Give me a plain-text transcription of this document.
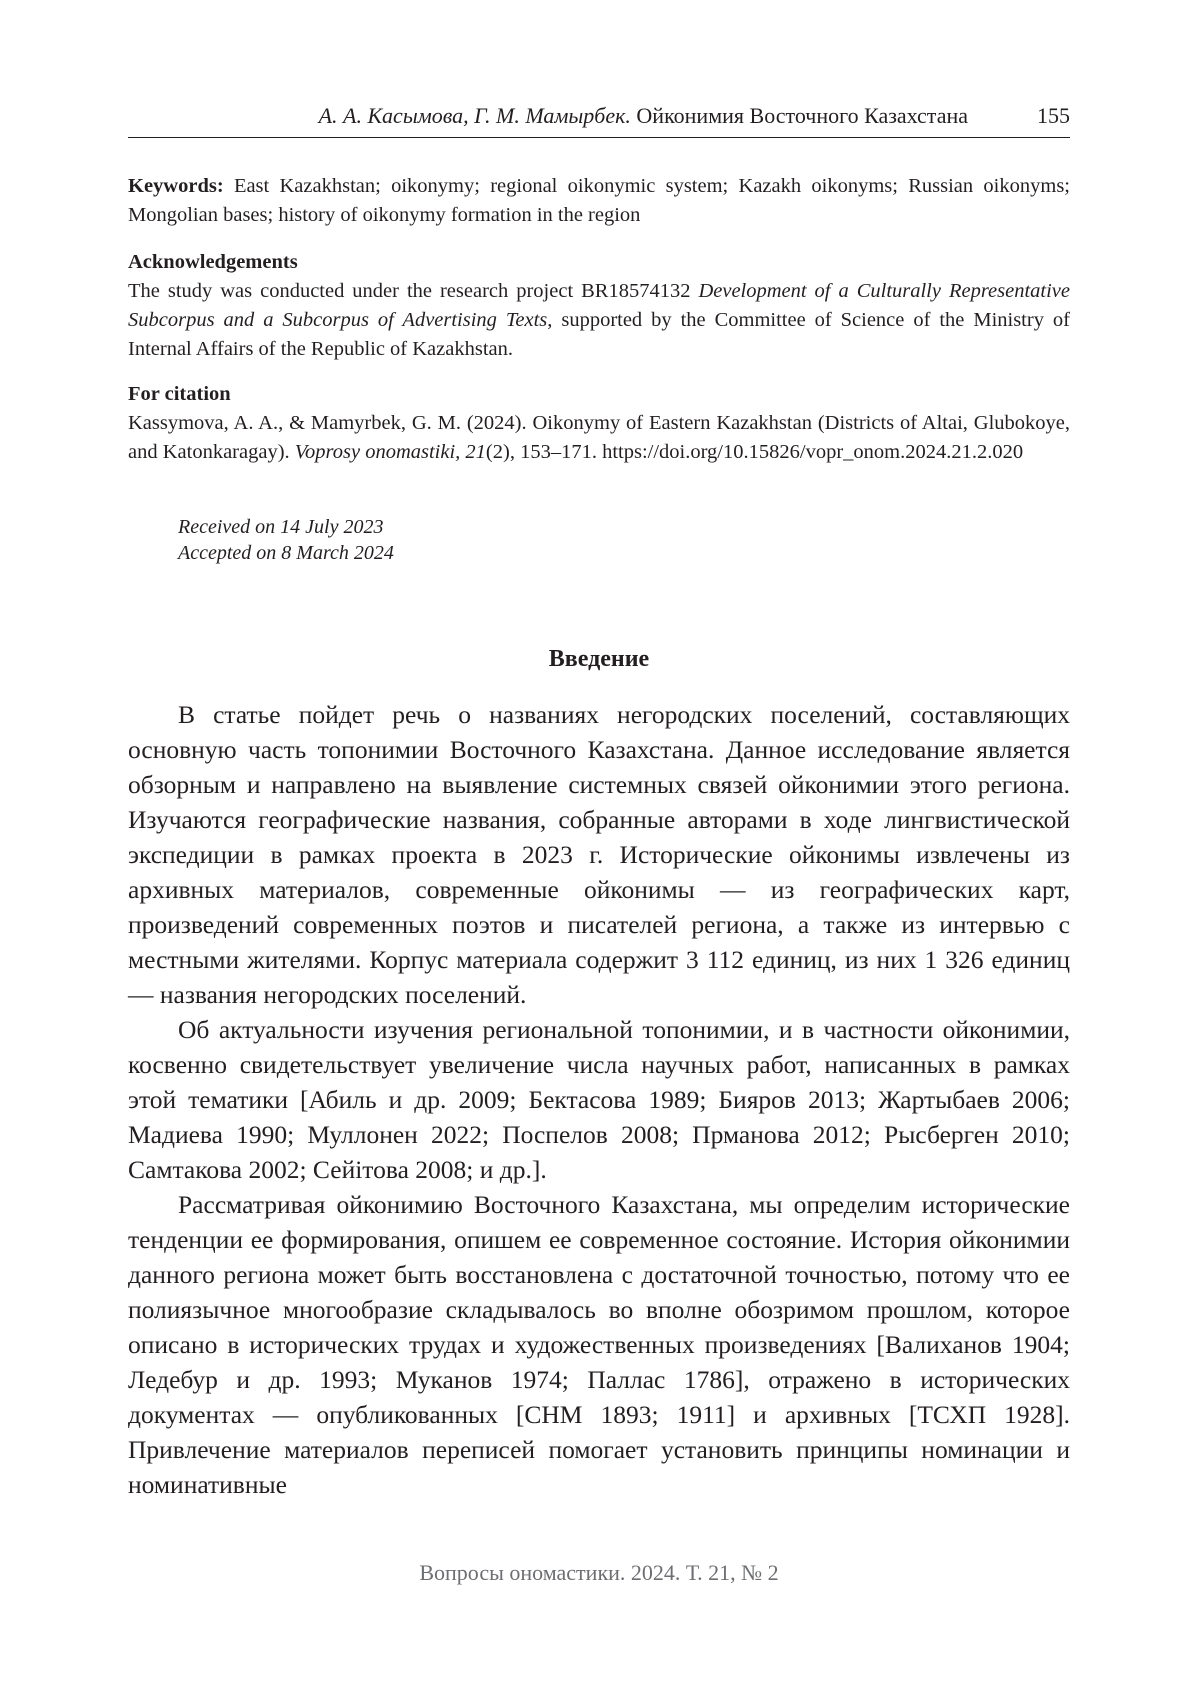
А. А. Касымова, Г. М. Мамырбек. Ойконимия Восточного Казахстана	155
Keywords: East Kazakhstan; oikonymy; regional oikonymic system; Kazakh oikonyms; Russian oikonyms; Mongolian bases; history of oikonymy formation in the region
Acknowledgements
The study was conducted under the research project BR18574132 Development of a Culturally Representative Subcorpus and a Subcorpus of Advertising Texts, supported by the Committee of Science of the Ministry of Internal Affairs of the Republic of Kazakhstan.
For citation
Kassymova, A. A., & Mamyrbek, G. M. (2024). Oikonymy of Eastern Kazakhstan (Districts of Altai, Glubokoye, and Katonkaragay). Voprosy onomastiki, 21(2), 153–171. https://doi.org/10.15826/vopr_onom.2024.21.2.020
Received on 14 July 2023
Accepted on 8 March 2024
Введение

В статье пойдет речь о названиях негородских поселений, составляющих основную часть топонимии Восточного Казахстана. Данное исследование является обзорным и направлено на выявление системных связей ойконимии этого региона. Изучаются географические названия, собранные авторами в ходе лингвистической экспедиции в рамках проекта в 2023 г. Исторические ойконимы извлечены из архивных материалов, современные ойконимы — из географических карт, произведений современных поэтов и писателей региона, а также из интервью с местными жителями. Корпус материала содержит 3 112 единиц, из них 1 326 единиц — названия негородских поселений.

Об актуальности изучения региональной топонимии, и в частности ойконимии, косвенно свидетельствует увеличение числа научных работ, написанных в рамках этой тематики [Абиль и др. 2009; Бектасова 1989; Бияров 2013; Жартыбаев 2006; Мадиева 1990; Муллонен 2022; Поспелов 2008; Прманова 2012; Рысберген 2010; Самтакова 2002; Сейітова 2008; и др.].

Рассматривая ойконимию Восточного Казахстана, мы определим исторические тенденции ее формирования, опишем ее современное состояние. История ойконимии данного региона может быть восстановлена с достаточной точностью, потому что ее полиязычное многообразие складывалось во вполне обозримом прошлом, которое описано в исторических трудах и художественных произведениях [Валиханов 1904; Ледебур и др. 1993; Муканов 1974; Паллас 1786], отражено в исторических документах — опубликованных [СНМ 1893; 1911] и архивных [ТСХП 1928]. Привлечение материалов переписей помогает установить принципы номинации и номинативные

Вопросы ономастики. 2024. Т. 21, № 2
